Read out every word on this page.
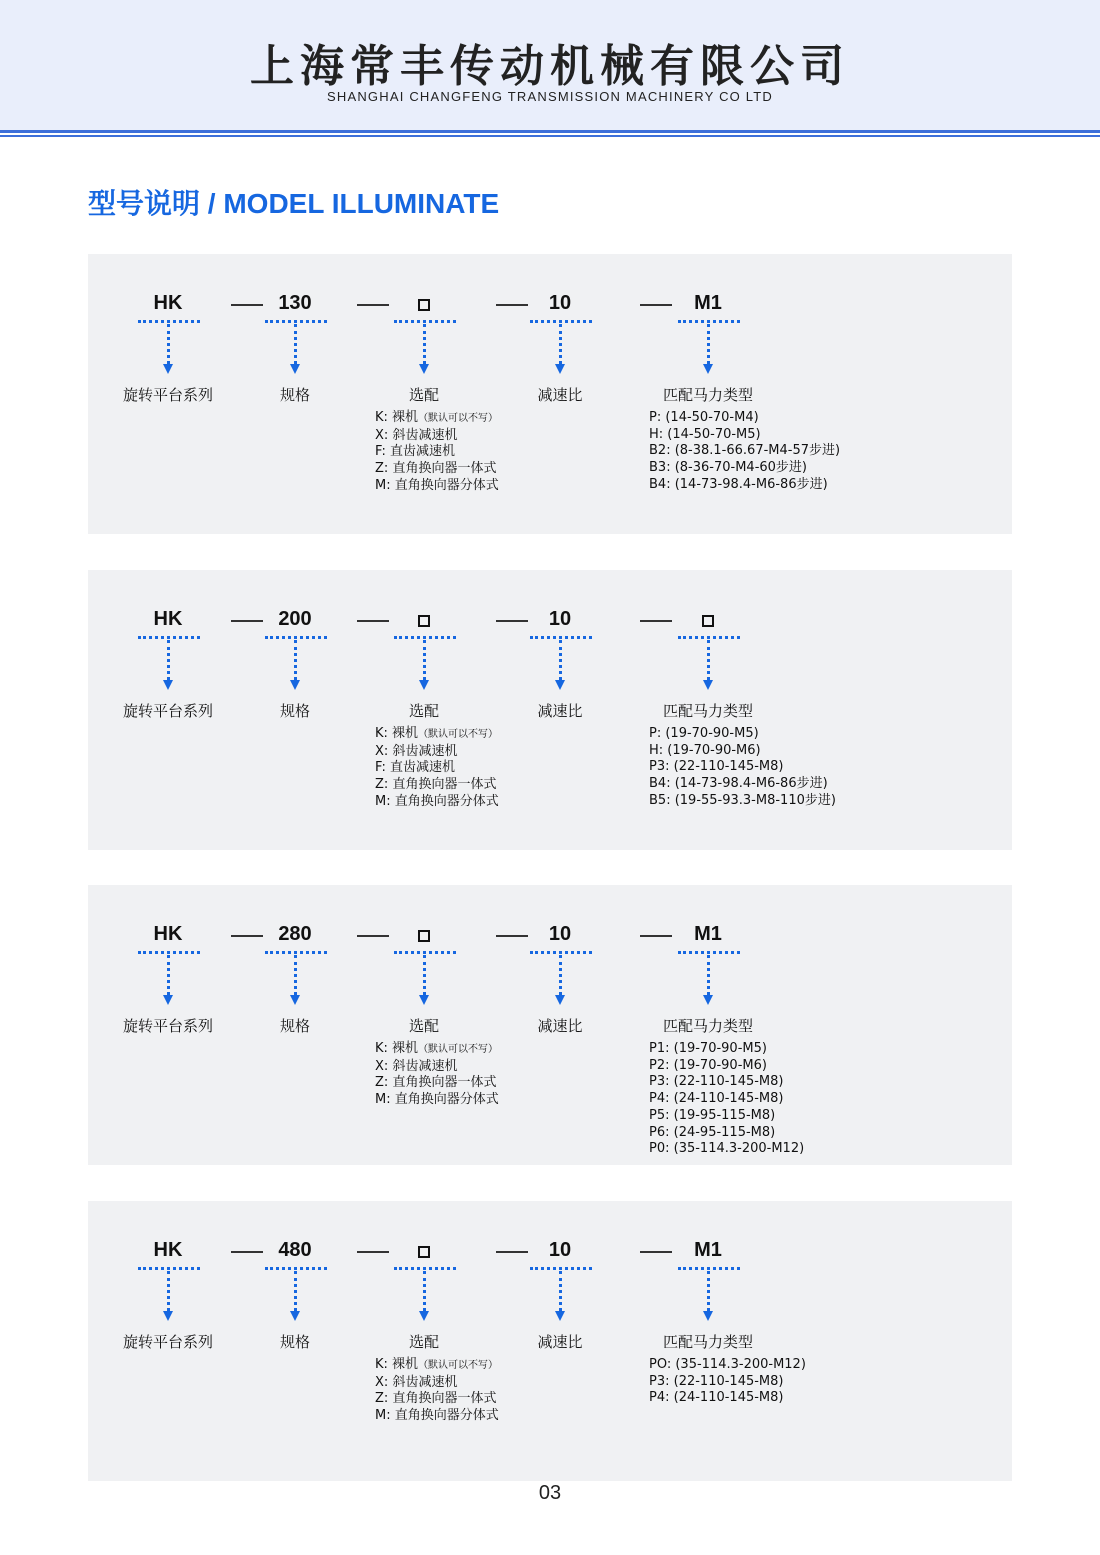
上海常丰传动机械有限公司
SHANGHAI CHANGFENG TRANSMISSION MACHINERY CO LTD
型号说明 / MODEL ILLUMINATE
HK
旋转平台系列
130
规格	选配
10
减速比
M1
匹配马力类型
K: 裸机（默认可以不写）
X: 斜齿减速机
F: 直齿减速机
Z: 直角换向器一体式
M: 直角换向器分体式
P: (14-50-70-M4)
H: (14-50-70-M5)
B2: (8-38.1-66.67-M4-57步进)
B3: (8-36-70-M4-60步进)
B4: (14-73-98.4-M6-86步进)
HK
旋转平台系列
200
规格	选配
10
减速比	匹配马力类型
K: 裸机（默认可以不写）
X: 斜齿减速机
F: 直齿减速机
Z: 直角换向器一体式
M: 直角换向器分体式
P: (19-70-90-M5)
H: (19-70-90-M6)
P3: (22-110-145-M8)
B4: (14-73-98.4-M6-86步进)
B5: (19-55-93.3-M8-110步进)
HK
旋转平台系列
280
规格	选配
10
减速比
M1
匹配马力类型
K: 裸机（默认可以不写）
X: 斜齿减速机
Z: 直角换向器一体式
M: 直角换向器分体式
P1: (19-70-90-M5)
P2: (19-70-90-M6)
P3: (22-110-145-M8)
P4: (24-110-145-M8)
P5: (19-95-115-M8)
P6: (24-95-115-M8)
P0: (35-114.3-200-M12)
HK
旋转平台系列
480
规格	选配
10
减速比
M1
匹配马力类型
K: 裸机（默认可以不写）
X: 斜齿减速机
Z: 直角换向器一体式
M: 直角换向器分体式
PO: (35-114.3-200-M12)
P3: (22-110-145-M8)
P4: (24-110-145-M8)
03
